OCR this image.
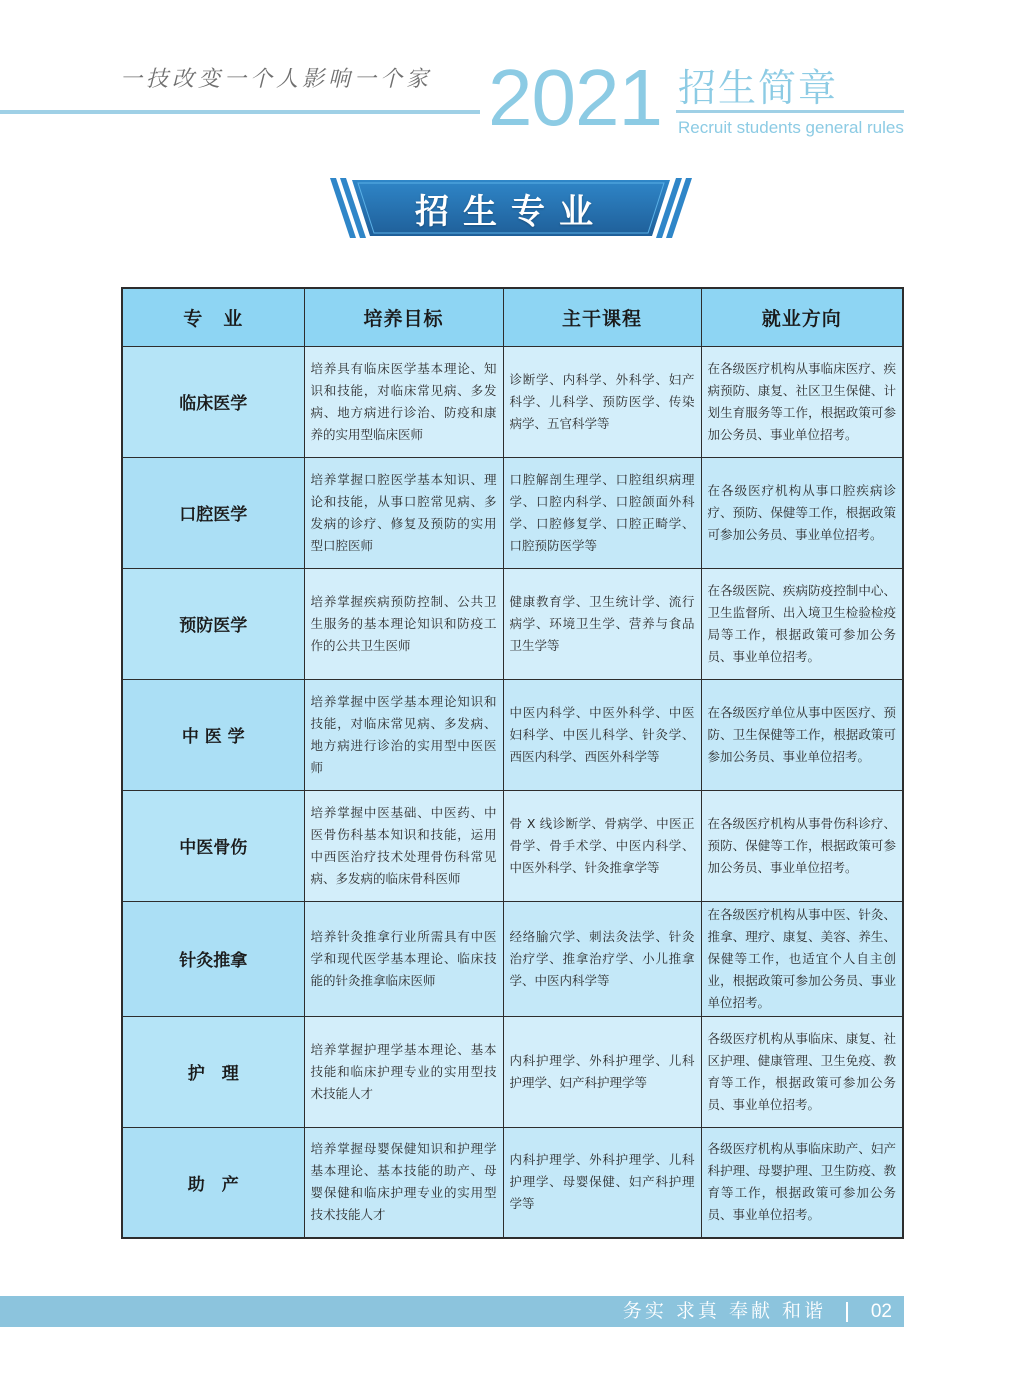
一技改变一个人影响一个家 2021 招生简章
Recruit students general rules
招生专业
专　业	培养目标	主干课程	就业方向
临床医学	培养具有临床医学基本理论、知识和技能，对临床常见病、多发病、地方病进行诊治、防疫和康养的实用型临床医师	诊断学、内科学、外科学、妇产科学、儿科学、预防医学、传染病学、五官科学等	在各级医疗机构从事临床医疗、疾病预防、康复、社区卫生保健、计划生育服务等工作，根据政策可参加公务员、事业单位招考。
口腔医学	培养掌握口腔医学基本知识、理论和技能，从事口腔常见病、多发病的诊疗、修复及预防的实用型口腔医师	口腔解剖生理学、口腔组织病理学、口腔内科学、口腔颌面外科学、口腔修复学、口腔正畸学、口腔预防医学等	在各级医疗机构从事口腔疾病诊疗、预防、保健等工作，根据政策可参加公务员、事业单位招考。
预防医学	培养掌握疾病预防控制、公共卫生服务的基本理论知识和防疫工作的公共卫生医师	健康教育学、卫生统计学、流行病学、环境卫生学、营养与食品卫生学等	在各级医院、疾病防疫控制中心、卫生监督所、出入境卫生检验检疫局等工作，根据政策可参加公务员、事业单位招考。
中 医 学	培养掌握中医学基本理论知识和技能，对临床常见病、多发病、地方病进行诊治的实用型中医医师	中医内科学、中医外科学、中医妇科学、中医儿科学、针灸学、西医内科学、西医外科学等	在各级医疗单位从事中医医疗、预防、卫生保健等工作，根据政策可参加公务员、事业单位招考。
中医骨伤	培养掌握中医基础、中医药、中医骨伤科基本知识和技能，运用中西医治疗技术处理骨伤科常见病、多发病的临床骨科医师	骨 X 线诊断学、骨病学、中医正骨学、骨手术学、中医内科学、中医外科学、针灸推拿学等	在各级医疗机构从事骨伤科诊疗、预防、保健等工作，根据政策可参加公务员、事业单位招考。
针灸推拿	培养针灸推拿行业所需具有中医学和现代医学基本理论、临床技能的针灸推拿临床医师	经络腧穴学、刺法灸法学、针灸治疗学、推拿治疗学、小儿推拿学、中医内科学等	在各级医疗机构从事中医、针灸、推拿、理疗、康复、美容、养生、保健等工作，也适宜个人自主创业，根据政策可参加公务员、事业单位招考。
护　理	培养掌握护理学基本理论、基本技能和临床护理专业的实用型技术技能人才	内科护理学、外科护理学、儿科护理学、妇产科护理学等	各级医疗机构从事临床、康复、社区护理、健康管理、卫生免疫、教育等工作，根据政策可参加公务员、事业单位招考。
助　产	培养掌握母婴保健知识和护理学基本理论、基本技能的助产、母婴保健和临床护理专业的实用型技术技能人才	内科护理学、外科护理学、儿科护理学、母婴保健、妇产科护理学等	各级医疗机构从事临床助产、妇产科护理、母婴护理、卫生防疫、教育等工作，根据政策可参加公务员、事业单位招考。
务实 求真 奉献 和谐 02
